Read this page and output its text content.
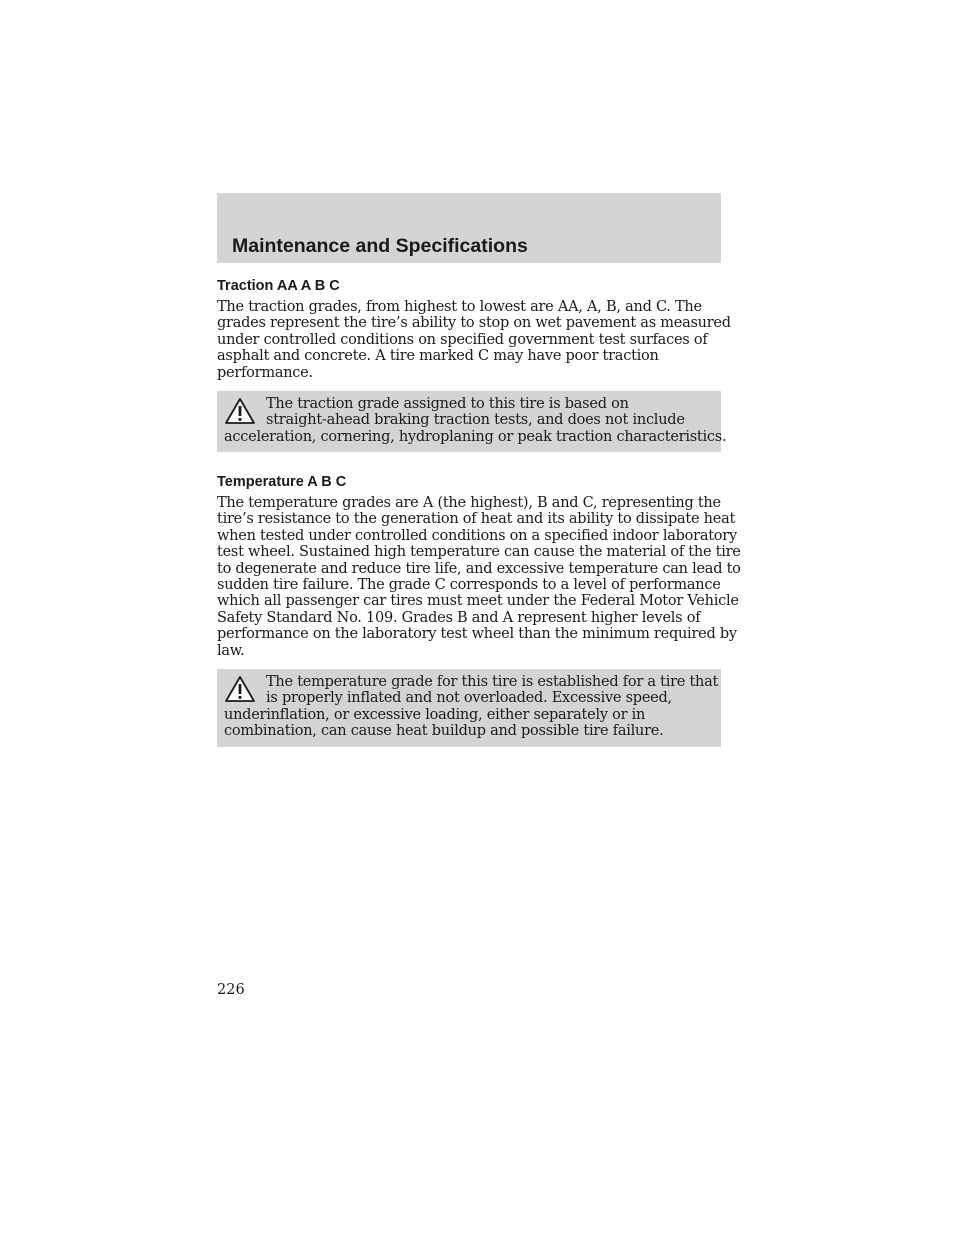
Maintenance and Specifications
Traction AA A B C

The traction grades, from highest to lowest are AA, A, B, and C. The
grades represent the tire’s ability to stop on wet pavement as measured
under controlled conditions on specified government test surfaces of
asphalt and concrete. A tire marked C may have poor traction
performance.

The traction grade assigned to this tire is based on
straight-ahead braking traction tests, and does not include
acceleration, cornering, hydroplaning or peak traction characteristics.

Temperature A B C

The temperature grades are A (the highest), B and C, representing the
tire’s resistance to the generation of heat and its ability to dissipate heat
when tested under controlled conditions on a specified indoor laboratory
test wheel. Sustained high temperature can cause the material of the tire
to degenerate and reduce tire life, and excessive temperature can lead to
sudden tire failure. The grade C corresponds to a level of performance
which all passenger car tires must meet under the Federal Motor Vehicle
Safety Standard No. 109. Grades B and A represent higher levels of
performance on the laboratory test wheel than the minimum required by
law.

The temperature grade for this tire is established for a tire that
is properly inflated and not overloaded. Excessive speed,
underinflation, or excessive loading, either separately or in
combination, can cause heat buildup and possible tire failure.

226
